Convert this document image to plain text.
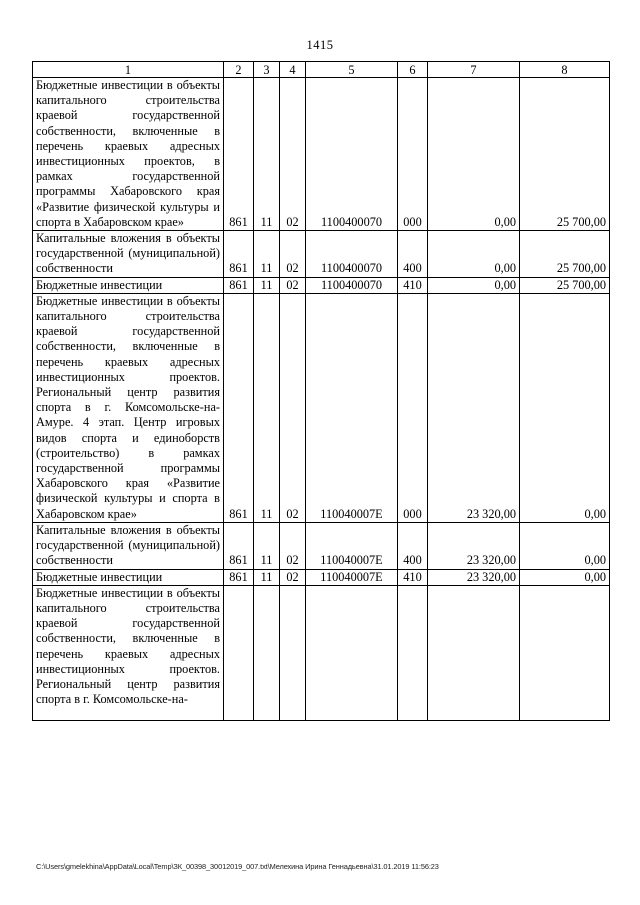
1415
1	2	3	4	5	6	7	8
Бюджетные инвестиции в объекты капитального строительства краевой государственной собственности, включенные в перечень краевых адресных инвестиционных проектов, в рамках государственной программы Хабаровского края «Развитие физической культуры и спорта в Хабаровском крае»	861	11	02	1100400070	000	0,00	25 700,00
Капитальные вложения в объекты государственной (муниципальной) собственности	861	11	02	1100400070	400	0,00	25 700,00
Бюджетные инвестиции	861	11	02	1100400070	410	0,00	25 700,00
Бюджетные инвестиции в объекты капитального строительства краевой государственной собственности, включенные в перечень краевых адресных инвестиционных проектов. Региональный центр развития спорта в г. Комсомольске-на-Амуре. 4 этап. Центр игровых видов спорта и единоборств (строительство) в рамках государственной программы Хабаровского края «Развитие физической культуры и спорта в Хабаровском крае»	861	11	02	110040007E	000	23 320,00	0,00
Капитальные вложения в объекты государственной (муниципальной) собственности	861	11	02	110040007E	400	23 320,00	0,00
Бюджетные инвестиции	861	11	02	110040007E	410	23 320,00	0,00
Бюджетные инвестиции в объекты капитального строительства краевой государственной собственности, включенные в перечень краевых адресных инвестиционных проектов. Региональный центр развития спорта в г. Комсомольске-на-							
C:\Users\gmelekhina\AppData\Local\Temp\ЗК_00398_30012019_007.txt\Мелехина Ирина Геннадьевна\31.01.2019 11:56:23
